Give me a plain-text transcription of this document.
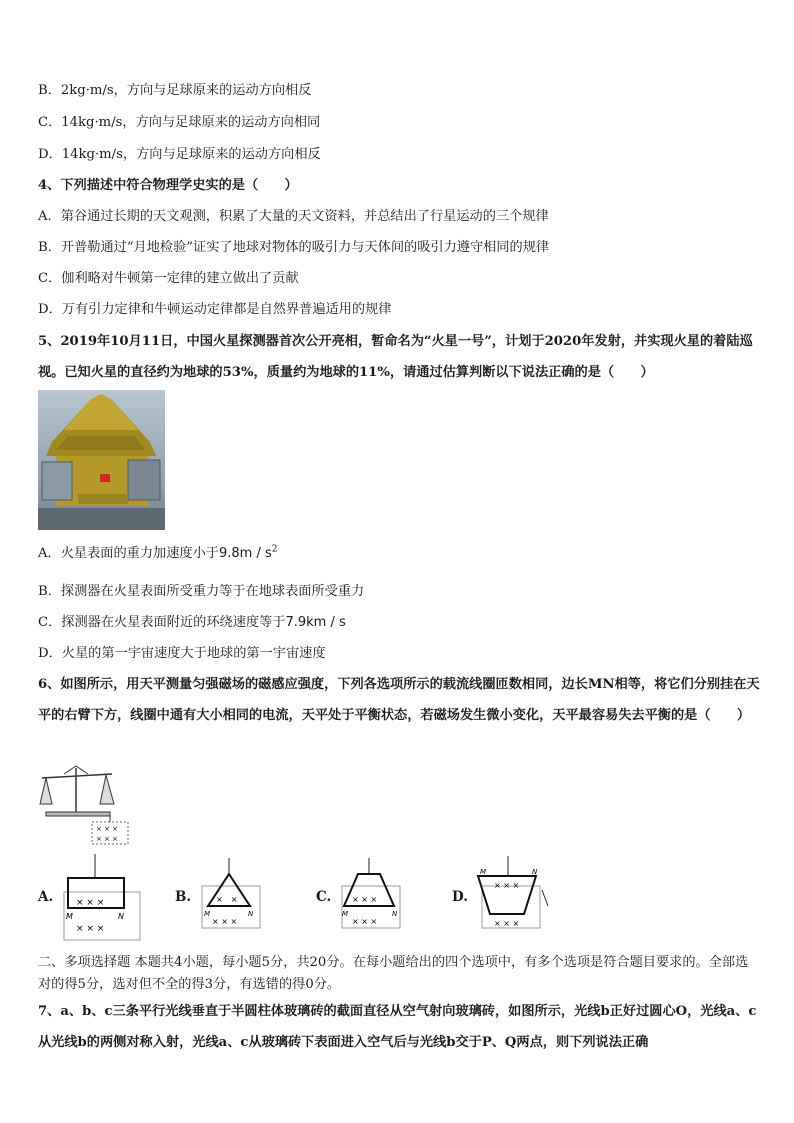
B．2kg·m/s，方向与足球原来的运动方向相反
C．14kg·m/s，方向与足球原来的运动方向相同
D．14kg·m/s，方向与足球原来的运动方向相反
4、下列描述中符合物理学史实的是（　　）
A．第谷通过长期的天文观测，积累了大量的天文资料，并总结出了行星运动的三个规律
B．开普勒通过“月地检验”证实了地球对物体的吸引力与天体间的吸引力遵守相同的规律
C．伽利略对牛顿第一定律的建立做出了贡献
D．万有引力定律和牛顿运动定律都是自然界普遍适用的规律
5、2019年10月11日，中国火星探测器首次公开亮相，暂命名为“火星一号”，计划于2020年发射，并实现火星的着陆巡视。已知火星的直径约为地球的53%，质量约为地球的11%，请通过估算判断以下说法正确的是（　　）
A．火星表面的重力加速度小于$9.8m / s^2$
B．探测器在火星表面所受重力等于在地球表面所受重力
C．探测器在火星表面附近的环绕速度等于7.9km / s
D．火星的第一宇宙速度大于地球的第一宇宙速度
6、如图所示，用天平测量匀强磁场的磁感应强度，下列各选项所示的载流线圈匝数相同，边长MN相等，将它们分别挂在天平的右臂下方，线圈中通有大小相同的电流，天平处于平衡状态，若磁场发生微小变化，天平最容易失去平衡的是（　　）
× × ×
× × ×
A.	× × ×
× × ×
M	N
B.	×　×
× × ×
M	N
C.	× × ×
× × ×
M	N
D.
× × ×
× × ×
M	N
二、多项选择题 本题共4小题，每小题5分，共20分。在每小题给出的四个选项中，有多个选项是符合题目要求的。全部选对的得5分，选对但不全的得3分，有选错的得0分。
7、a、b、c三条平行光线垂直于半圆柱体玻璃砖的截面直径从空气射向玻璃砖，如图所示，光线b正好过圆心O，光线a、c从光线b的两侧对称入射，光线a、c从玻璃砖下表面进入空气后与光线b交于P、Q两点，则下列说法正确
